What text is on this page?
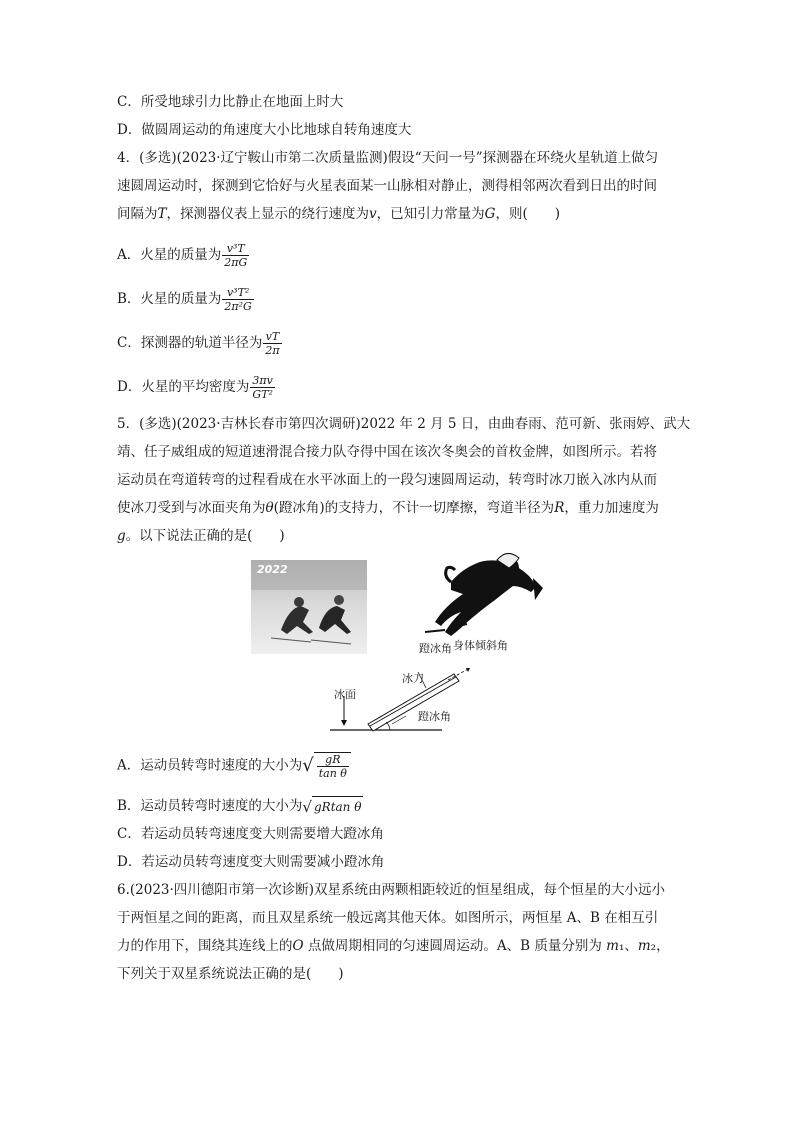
C．所受地球引力比静止在地面上时大
D．做圆周运动的角速度大小比地球自转角速度大
4．(多选)(2023·辽宁鞍山市第二次质量监测)假设“天问一号”探测器在环绕火星轨道上做匀
速圆周运动时，探测到它恰好与火星表面某一山脉相对静止，测得相邻两次看到日出的时间
间隔为T，探测器仪表上显示的绕行速度为v，已知引力常量为G，则(　　)
A．火星的质量为 $\frac{\text{v³T}}{2\pi G}$
B．火星的质量为 $\frac{\text{v³T²}}{\text{2π²G}}$
C．探测器的轨道半径为 $\frac{vT}{2\pi}$
D．火星的平均密度为 $\frac{3\pi v}{\text{GT²}}$
5．(多选)(2023·吉林长春市第四次调研)2022 年 2 月 5 日，由曲春雨、范可新、张雨婷、武大
靖、任子威组成的短道速滑混合接力队夺得中国在该次冬奥会的首枚金牌，如图所示。若将
运动员在弯道转弯的过程看成在水平冰面上的一段匀速圆周运动，转弯时冰刀嵌入冰内从而
使冰刀受到与冰面夹角为θ(蹬冰角)的支持力，不计一切摩擦，弯道半径为R，重力加速度为
g。以下说法正确的是(　　)
2022
蹬冰角 身体倾斜角
冰面
冰刀
蹬冰角
A．运动员转弯时速度的大小为 √ $\frac{gR}{\text{tan θ}}$
B．运动员转弯时速度的大小为 √ gRtan θ
C．若运动员转弯速度变大则需要增大蹬冰角
D．若运动员转弯速度变大则需要减小蹬冰角
6.(2023·四川德阳市第一次诊断)双星系统由两颗相距较近的恒星组成，每个恒星的大小远小
于两恒星之间的距离，而且双星系统一般远离其他天体。如图所示，两恒星 A、B 在相互引
力的作用下，围绕其连线上的O 点做周期相同的匀速圆周运动。A、B 质量分别为 m₁、m₂，
下列关于双星系统说法正确的是(　　)
